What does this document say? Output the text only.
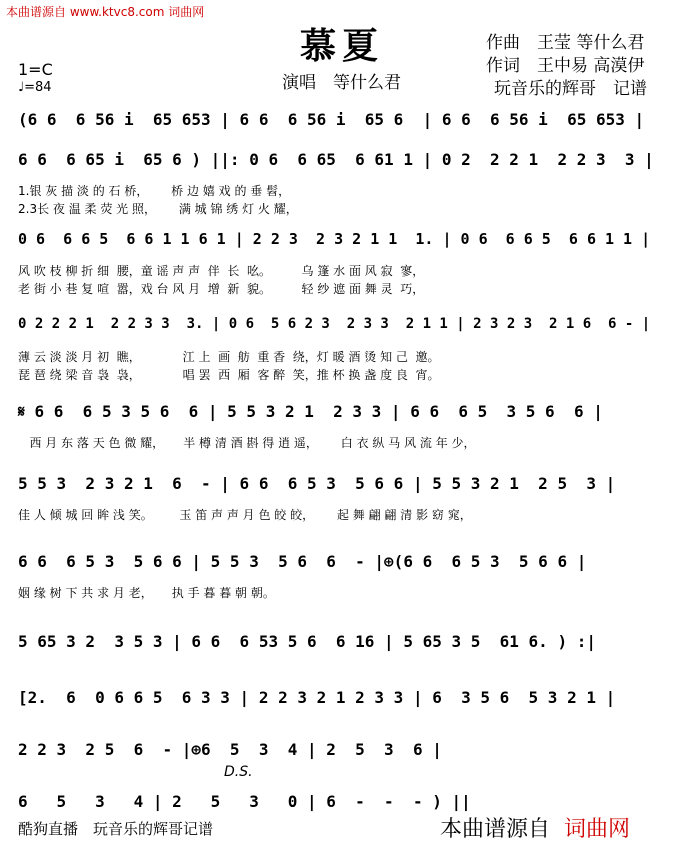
本曲谱源自 www.ktvc8.com 词曲网
慕夏
演唱　等什么君
作曲　王莹 等什么君
作词　王中易 高漠伊
玩音乐的辉哥　记谱
1=C
♩=84
(6 6  6 56 i  65 653 | 6 6  6 56 i  65 6  | 6 6  6 56 i  65 653 |
6 6  6 65 i  65 6 ) ||: 0 6  6 65  6 61 1 | 0 2  2 2 1  2 2 3  3 |
1.银 灰 描 淡 的 石 桥，      桥 边 嬉 戏 的 垂 髫，
2.3长 夜 温 柔 荧 光 照，      满 城 锦 绣 灯 火 耀，
0 6  6 6 5  6 6 1 1 6 1 | 2 2 3  2 3 2 1 1  1. | 0 6  6 6 5  6 6 1 1 |
风 吹 枝 柳 折 细  腰，童 谣 声 声  伴  长  吆。        乌 篷 水 面 风 寂  寥，
老 街 小 巷 复 喧  嚣，戏 台 风 月  增  新  貌。        轻 纱 遮 面 舞 灵  巧，
0 2 2 2 1  2 2 3 3  3. | 0 6  5 6 2 3  2 3 3  2 1 1 | 2 3 2 3  2 1 6  6 - |
薄 云 淡 淡 月 初  瞧，           江 上  画  舫  重 香  绕，灯 暖 酒 烫 知 己  邀。
琵 琶 绕 梁 音 袅  袅，           唱 罢  西  厢  客 醉  笑，推 杯 换 盏 度 良  宵。
𝄋 6 6  6 5 3 5 6  6 | 5 5 3 2 1  2 3 3 | 6 6  6 5  3 5 6  6 |
西 月 东 落 天 色 微 耀，     半 樽 清 酒 斟 得 逍 遥，      白 衣 纵 马 风 流 年 少，
5 5 3  2 3 2 1  6  - | 6 6  6 5 3  5 6 6 | 5 5 3 2 1  2 5  3 |
佳 人 倾 城 回 眸 浅 笑。       玉 笛 声 声 月 色 皎 皎，      起 舞 翩 翩 清 影 窈 窕，
6 6  6 5 3  5 6 6 | 5 5 3  5 6  6  - |⊕(6 6  6 5 3  5 6 6 |
姻 缘 树 下 共 求 月 老，     执 手 暮 暮 朝 朝。
5 65 3 2  3 5 3 | 6 6  6 53 5 6  6 16 | 5 65 3 5  61 6. ) :|
[2.  6  0 6 6 5  6 3 3 | 2 2 3 2 1 2 3 3 | 6  3 5 6  5 3 2 1 |
2 2 3  2 5  6  - |⊕6  5  3  4 | 2  5  3  6 |
D.S.
6   5   3   4 | 2   5   3   0 | 6  -  -  - ) ||
酷狗直播　玩音乐的辉哥记谱	本曲谱源自 词曲网
